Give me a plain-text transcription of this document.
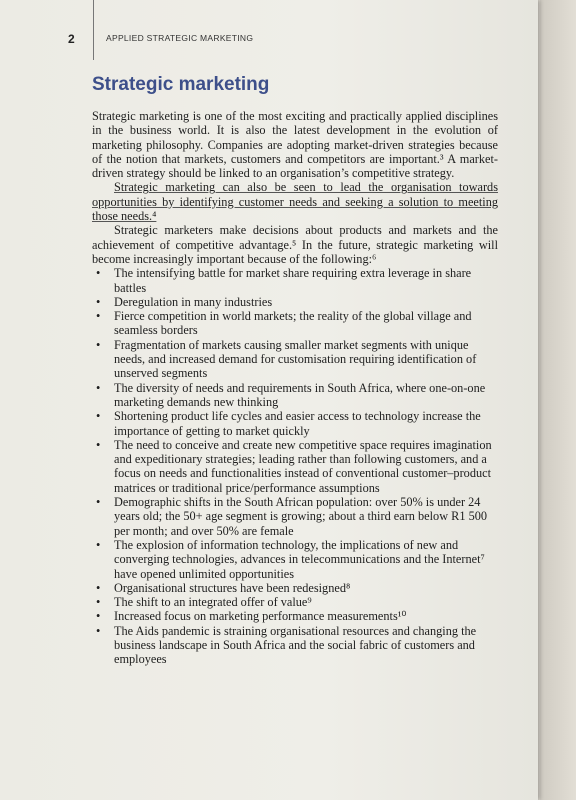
2	APPLIED STRATEGIC MARKETING
Strategic marketing

Strategic marketing is one of the most exciting and practically applied disciplines in the business world. It is also the latest development in the evolution of marketing philosophy. Companies are adopting market-driven strategies because of the notion that markets, customers and competitors are important.³ A market-driven strategy should be linked to an organisation’s competitive strategy.

Strategic marketing can also be seen to lead the organisation towards opportunities by identifying customer needs and seeking a solution to meeting those needs.⁴

Strategic marketers make decisions about products and markets and the achievement of competitive advantage.⁵ In the future, strategic marketing will become increasingly important because of the following:⁶

• The intensifying battle for market share requiring extra leverage in share battles
• Deregulation in many industries
• Fierce competition in world markets; the reality of the global village and seamless borders
• Fragmentation of markets causing smaller market segments with unique needs, and increased demand for customisation requiring identification of unserved segments
• The diversity of needs and requirements in South Africa, where one-on-one marketing demands new thinking
• Shortening product life cycles and easier access to technology increase the importance of getting to market quickly
• The need to conceive and create new competitive space requires imagination and expeditionary strategies; leading rather than following customers, and a focus on needs and functionalities instead of conventional customer–product matrices or traditional price/performance assumptions
• Demographic shifts in the South African population: over 50% is under 24 years old; the 50+ age segment is growing; about a third earn below R1 500 per month; and over 50% are female
• The explosion of information technology, the implications of new and converging technologies, advances in telecommunications and the Internet⁷ have opened unlimited opportunities
• Organisational structures have been redesigned⁸
• The shift to an integrated offer of value⁹
• Increased focus on marketing performance measurements¹⁰
• The Aids pandemic is straining organisational resources and changing the business landscape in South Africa and the social fabric of customers and employees
